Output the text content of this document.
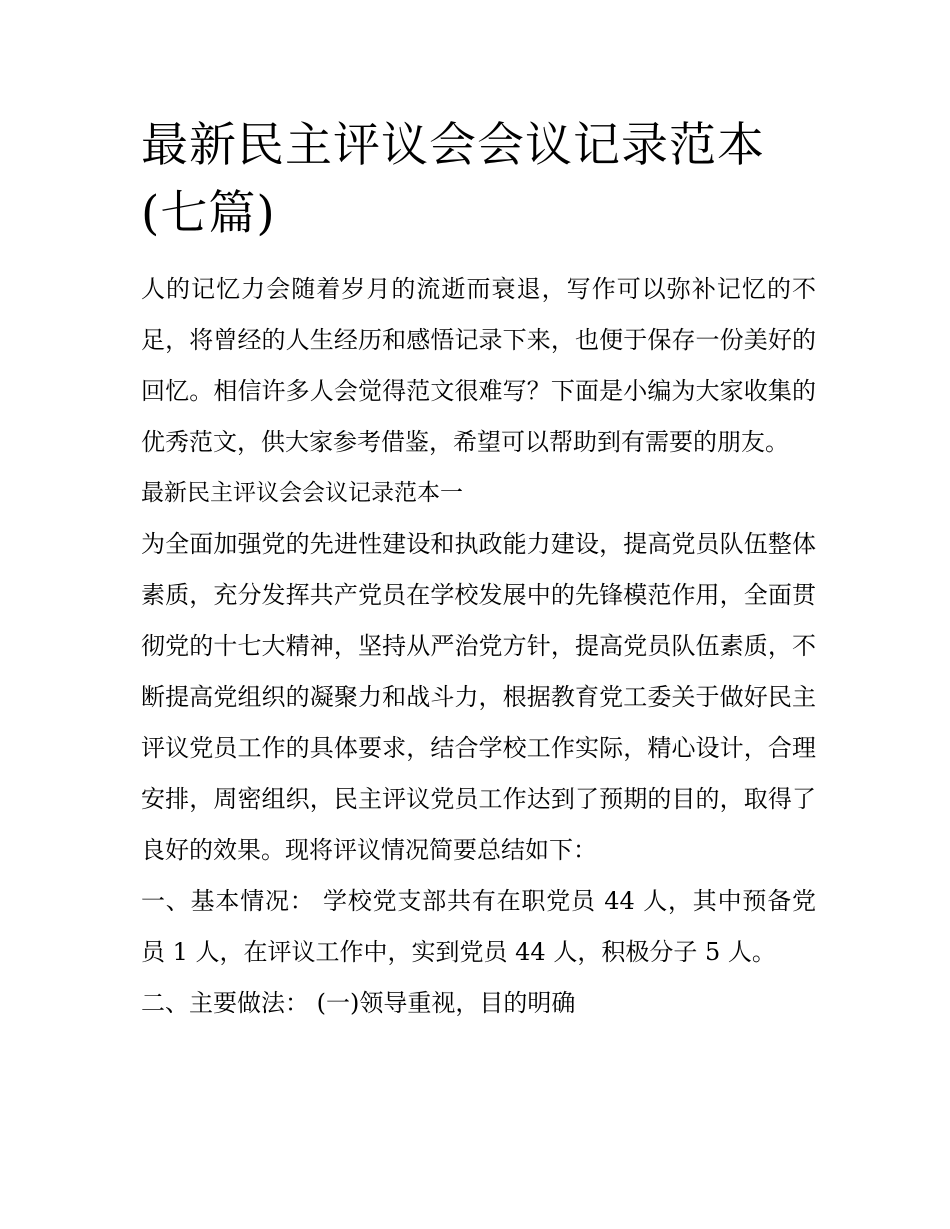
最新民主评议会会议记录范本(七篇)

人的记忆力会随着岁月的流逝而衰退，写作可以弥补记忆的不足，将曾经的人生经历和感悟记录下来，也便于保存一份美好的回忆。相信许多人会觉得范文很难写？下面是小编为大家收集的优秀范文，供大家参考借鉴，希望可以帮助到有需要的朋友。

最新民主评议会会议记录范本一

为全面加强党的先进性建设和执政能力建设，提高党员队伍整体素质，充分发挥共产党员在学校发展中的先锋模范作用，全面贯彻党的十七大精神，坚持从严治党方针，提高党员队伍素质，不断提高党组织的凝聚力和战斗力，根据教育党工委关于做好民主评议党员工作的具体要求，结合学校工作实际，精心设计，合理安排，周密组织，民主评议党员工作达到了预期的目的，取得了良好的效果。现将评议情况简要总结如下：

一、基本情况： 学校党支部共有在职党员 44 人，其中预备党员 1 人，在评议工作中，实到党员 44 人，积极分子 5 人。

二、主要做法： (一)领导重视，目的明确
